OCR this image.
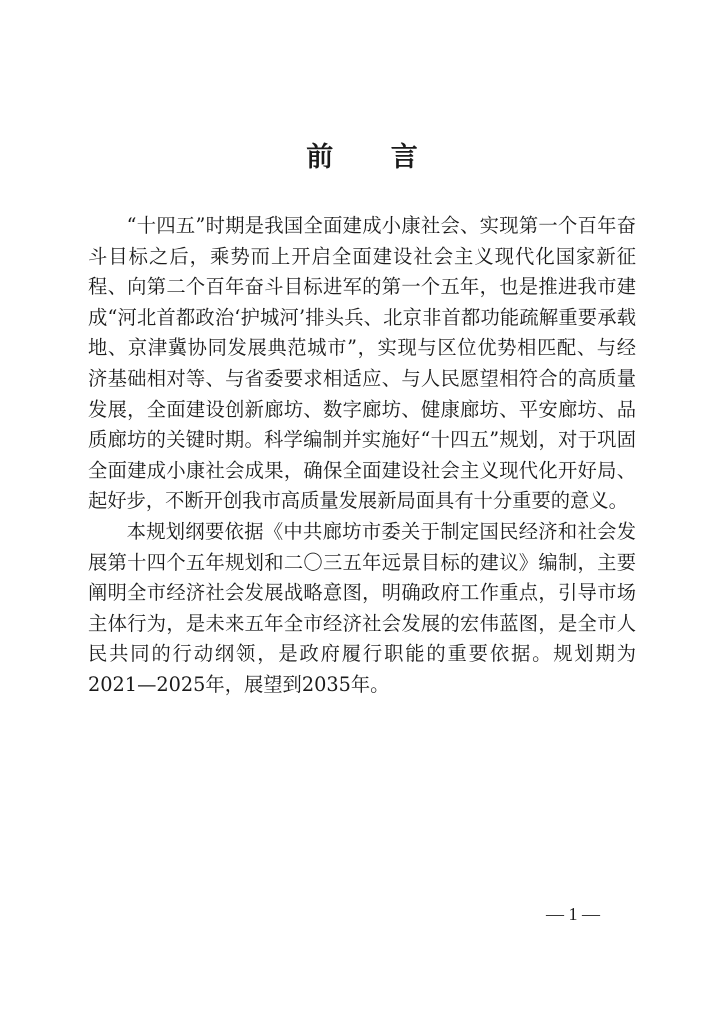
前 言

“十四五”时期是我国全面建成小康社会、实现第一个百年奋斗目标之后，乘势而上开启全面建设社会主义现代化国家新征程、向第二个百年奋斗目标进军的第一个五年，也是推进我市建成“河北首都政治‘护城河’排头兵、北京非首都功能疏解重要承载地、京津冀协同发展典范城市”，实现与区位优势相匹配、与经济基础相对等、与省委要求相适应、与人民愿望相符合的高质量发展，全面建设创新廊坊、数字廊坊、健康廊坊、平安廊坊、品质廊坊的关键时期。科学编制并实施好“十四五”规划，对于巩固全面建成小康社会成果，确保全面建设社会主义现代化开好局、起好步，不断开创我市高质量发展新局面具有十分重要的意义。

本规划纲要依据《中共廊坊市委关于制定国民经济和社会发展第十四个五年规划和二〇三五年远景目标的建议》编制，主要阐明全市经济社会发展战略意图，明确政府工作重点，引导市场主体行为，是未来五年全市经济社会发展的宏伟蓝图，是全市人民共同的行动纲领，是政府履行职能的重要依据。规划期为2021—2025年，展望到2035年。

— 1 —
